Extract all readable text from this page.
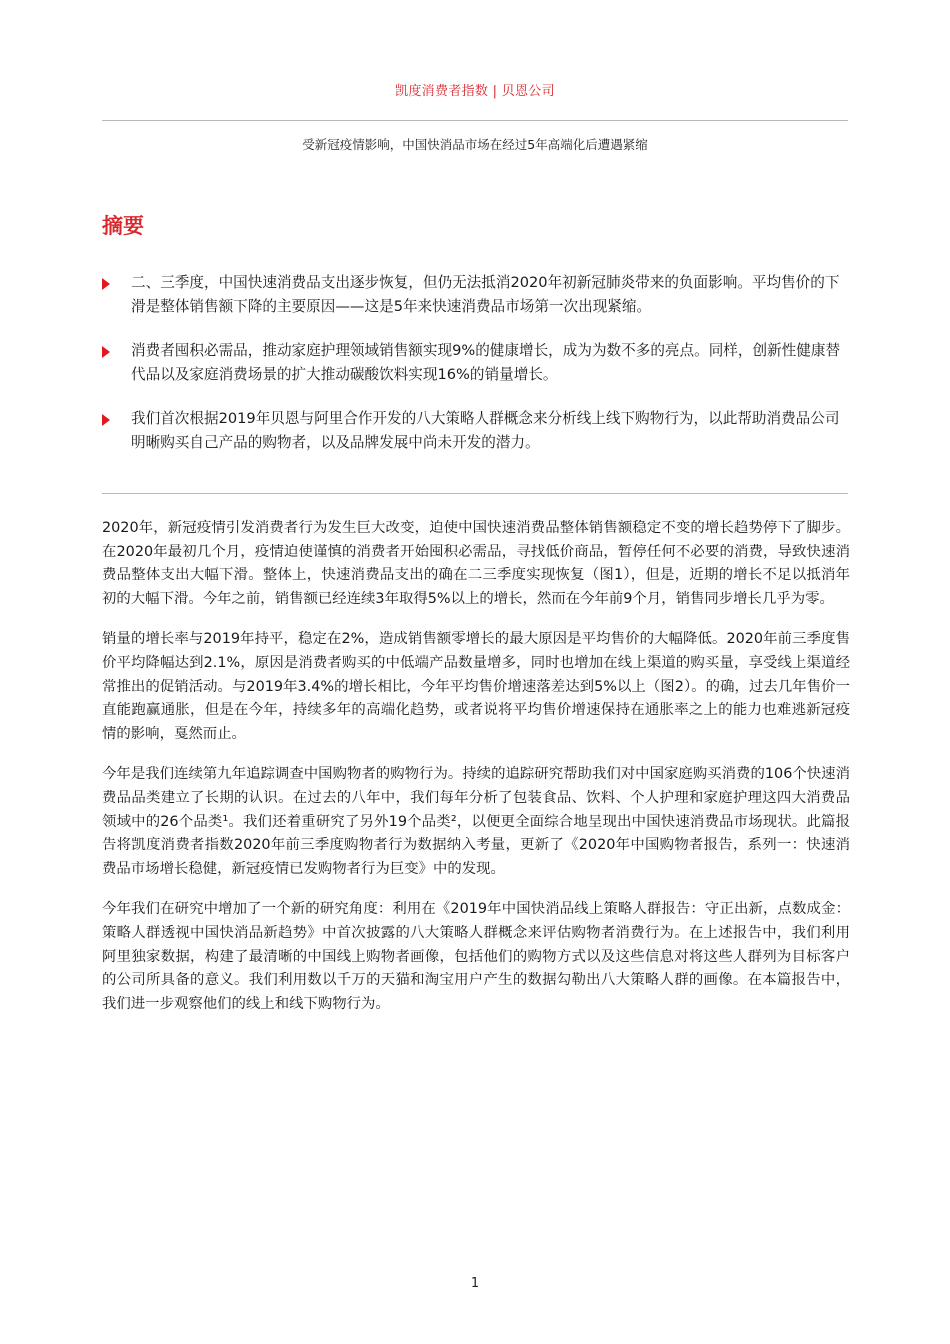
凯度消费者指数 | 贝恩公司
受新冠疫情影响，中国快消品市场在经过5年高端化后遭遇紧缩
摘要
二、三季度，中国快速消费品支出逐步恢复，但仍无法抵消2020年初新冠肺炎带来的负面影响。平均售价的下滑是整体销售额下降的主要原因——这是5年来快速消费品市场第一次出现紧缩。
消费者囤积必需品，推动家庭护理领域销售额实现9%的健康增长，成为为数不多的亮点。同样，创新性健康替代品以及家庭消费场景的扩大推动碳酸饮料实现16%的销量增长。
我们首次根据2019年贝恩与阿里合作开发的八大策略人群概念来分析线上线下购物行为，以此帮助消费品公司明晰购买自己产品的购物者，以及品牌发展中尚未开发的潜力。

2020年，新冠疫情引发消费者行为发生巨大改变，迫使中国快速消费品整体销售额稳定不变的增长趋势停下了脚步。在2020年最初几个月，疫情迫使谨慎的消费者开始囤积必需品，寻找低价商品，暂停任何不必要的消费，导致快速消费品整体支出大幅下滑。整体上，快速消费品支出的确在二三季度实现恢复（图1），但是，近期的增长不足以抵消年初的大幅下滑。今年之前，销售额已经连续3年取得5%以上的增长，然而在今年前9个月，销售同步增长几乎为零。

销量的增长率与2019年持平，稳定在2%，造成销售额零增长的最大原因是平均售价的大幅降低。2020年前三季度售价平均降幅达到2.1%，原因是消费者购买的中低端产品数量增多，同时也增加在线上渠道的购买量，享受线上渠道经常推出的促销活动。与2019年3.4%的增长相比，今年平均售价增速落差达到5%以上（图2）。的确，过去几年售价一直能跑赢通胀，但是在今年，持续多年的高端化趋势，或者说将平均售价增速保持在通胀率之上的能力也难逃新冠疫情的影响，戛然而止。

今年是我们连续第九年追踪调查中国购物者的购物行为。持续的追踪研究帮助我们对中国家庭购买消费的106个快速消费品品类建立了长期的认识。在过去的八年中，我们每年分析了包装食品、饮料、个人护理和家庭护理这四大消费品领域中的26个品类¹。我们还着重研究了另外19个品类²，以便更全面综合地呈现出中国快速消费品市场现状。此篇报告将凯度消费者指数2020年前三季度购物者行为数据纳入考量，更新了《2020年中国购物者报告，系列一：快速消费品市场增长稳健，新冠疫情已发购物者行为巨变》中的发现。

今年我们在研究中增加了一个新的研究角度：利用在《2019年中国快消品线上策略人群报告：守正出新，点数成金：策略人群透视中国快消品新趋势》中首次披露的八大策略人群概念来评估购物者消费行为。在上述报告中，我们利用阿里独家数据，构建了最清晰的中国线上购物者画像，包括他们的购物方式以及这些信息对将这些人群列为目标客户的公司所具备的意义。我们利用数以千万的天猫和淘宝用户产生的数据勾勒出八大策略人群的画像。在本篇报告中，我们进一步观察他们的线上和线下购物行为。

1
